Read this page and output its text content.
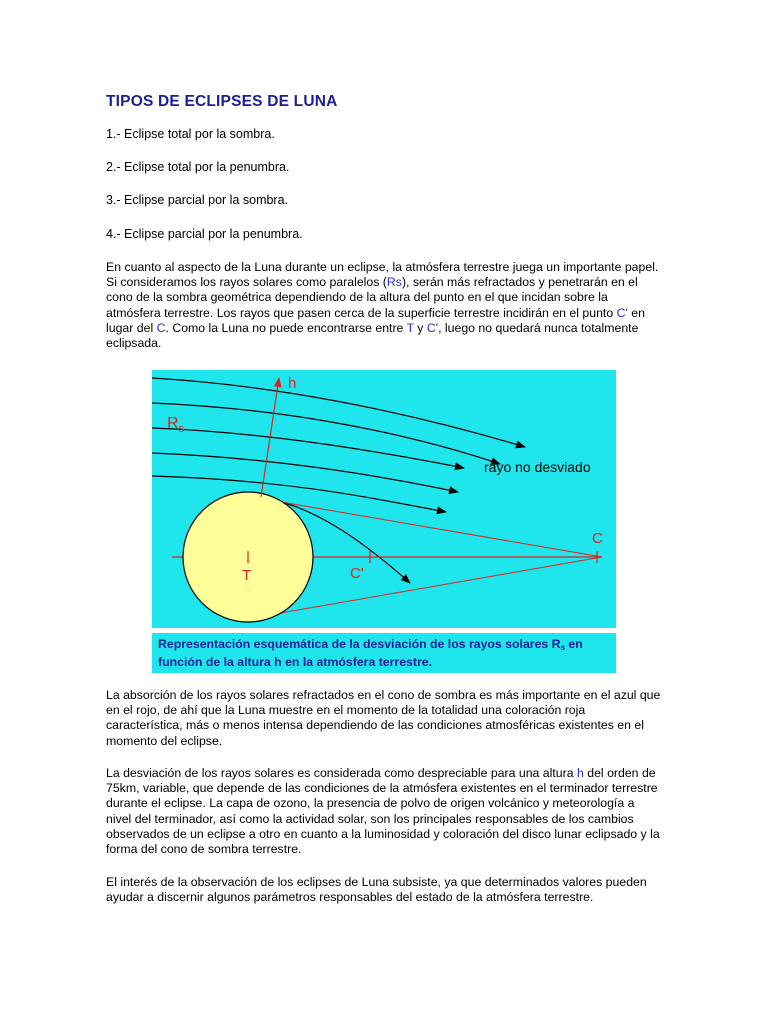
TIPOS DE ECLIPSES DE LUNA

1.- Eclipse total por la sombra.

2.- Eclipse total por la penumbra.

3.- Eclipse parcial por la sombra.

4.- Eclipse parcial por la penumbra.

En cuanto al aspecto de la Luna durante un eclipse, la atmósfera terrestre juega un importante papel. Si consideramos los rayos solares como paralelos (Rs), serán más refractados y penetrarán en el cono de la sombra geométrica dependiendo de la altura del punto en el que incidan sobre la atmósfera terrestre. Los rayos que pasen cerca de la superficie terrestre incidirán en el punto C' en lugar del C. Como la Luna no puede encontrarse entre T y C', luego no quedará nunca totalmente eclipsada.

h
$R_s$
rayo no desviado
C
C'
T
Representación esquemática de la desviación de los rayos solares $R_s$ en función de la altura h en la atmósfera terrestre.

La absorción de los rayos solares refractados en el cono de sombra es más importante en el azul que en el rojo, de ahí que la Luna muestre en el momento de la totalidad una coloración roja característica, más o menos intensa dependiendo de las condiciones atmosféricas existentes en el momento del eclipse.

La desviación de los rayos solares es considerada como despreciable para una altura h del orden de 75km, variable, que depende de las condiciones de la atmósfera existentes en el terminador terrestre durante el eclipse. La capa de ozono, la presencia de polvo de origen volcánico y meteorología a nivel del terminador, así como la actividad solar, son los principales responsables de los cambios observados de un eclipse a otro en cuanto a la luminosidad y coloración del disco lunar eclipsado y la forma del cono de sombra terrestre.

El interés de la observación de los eclipses de Luna subsiste, ya que determinados valores pueden ayudar a discernir algunos parámetros responsables del estado de la atmósfera terrestre.
